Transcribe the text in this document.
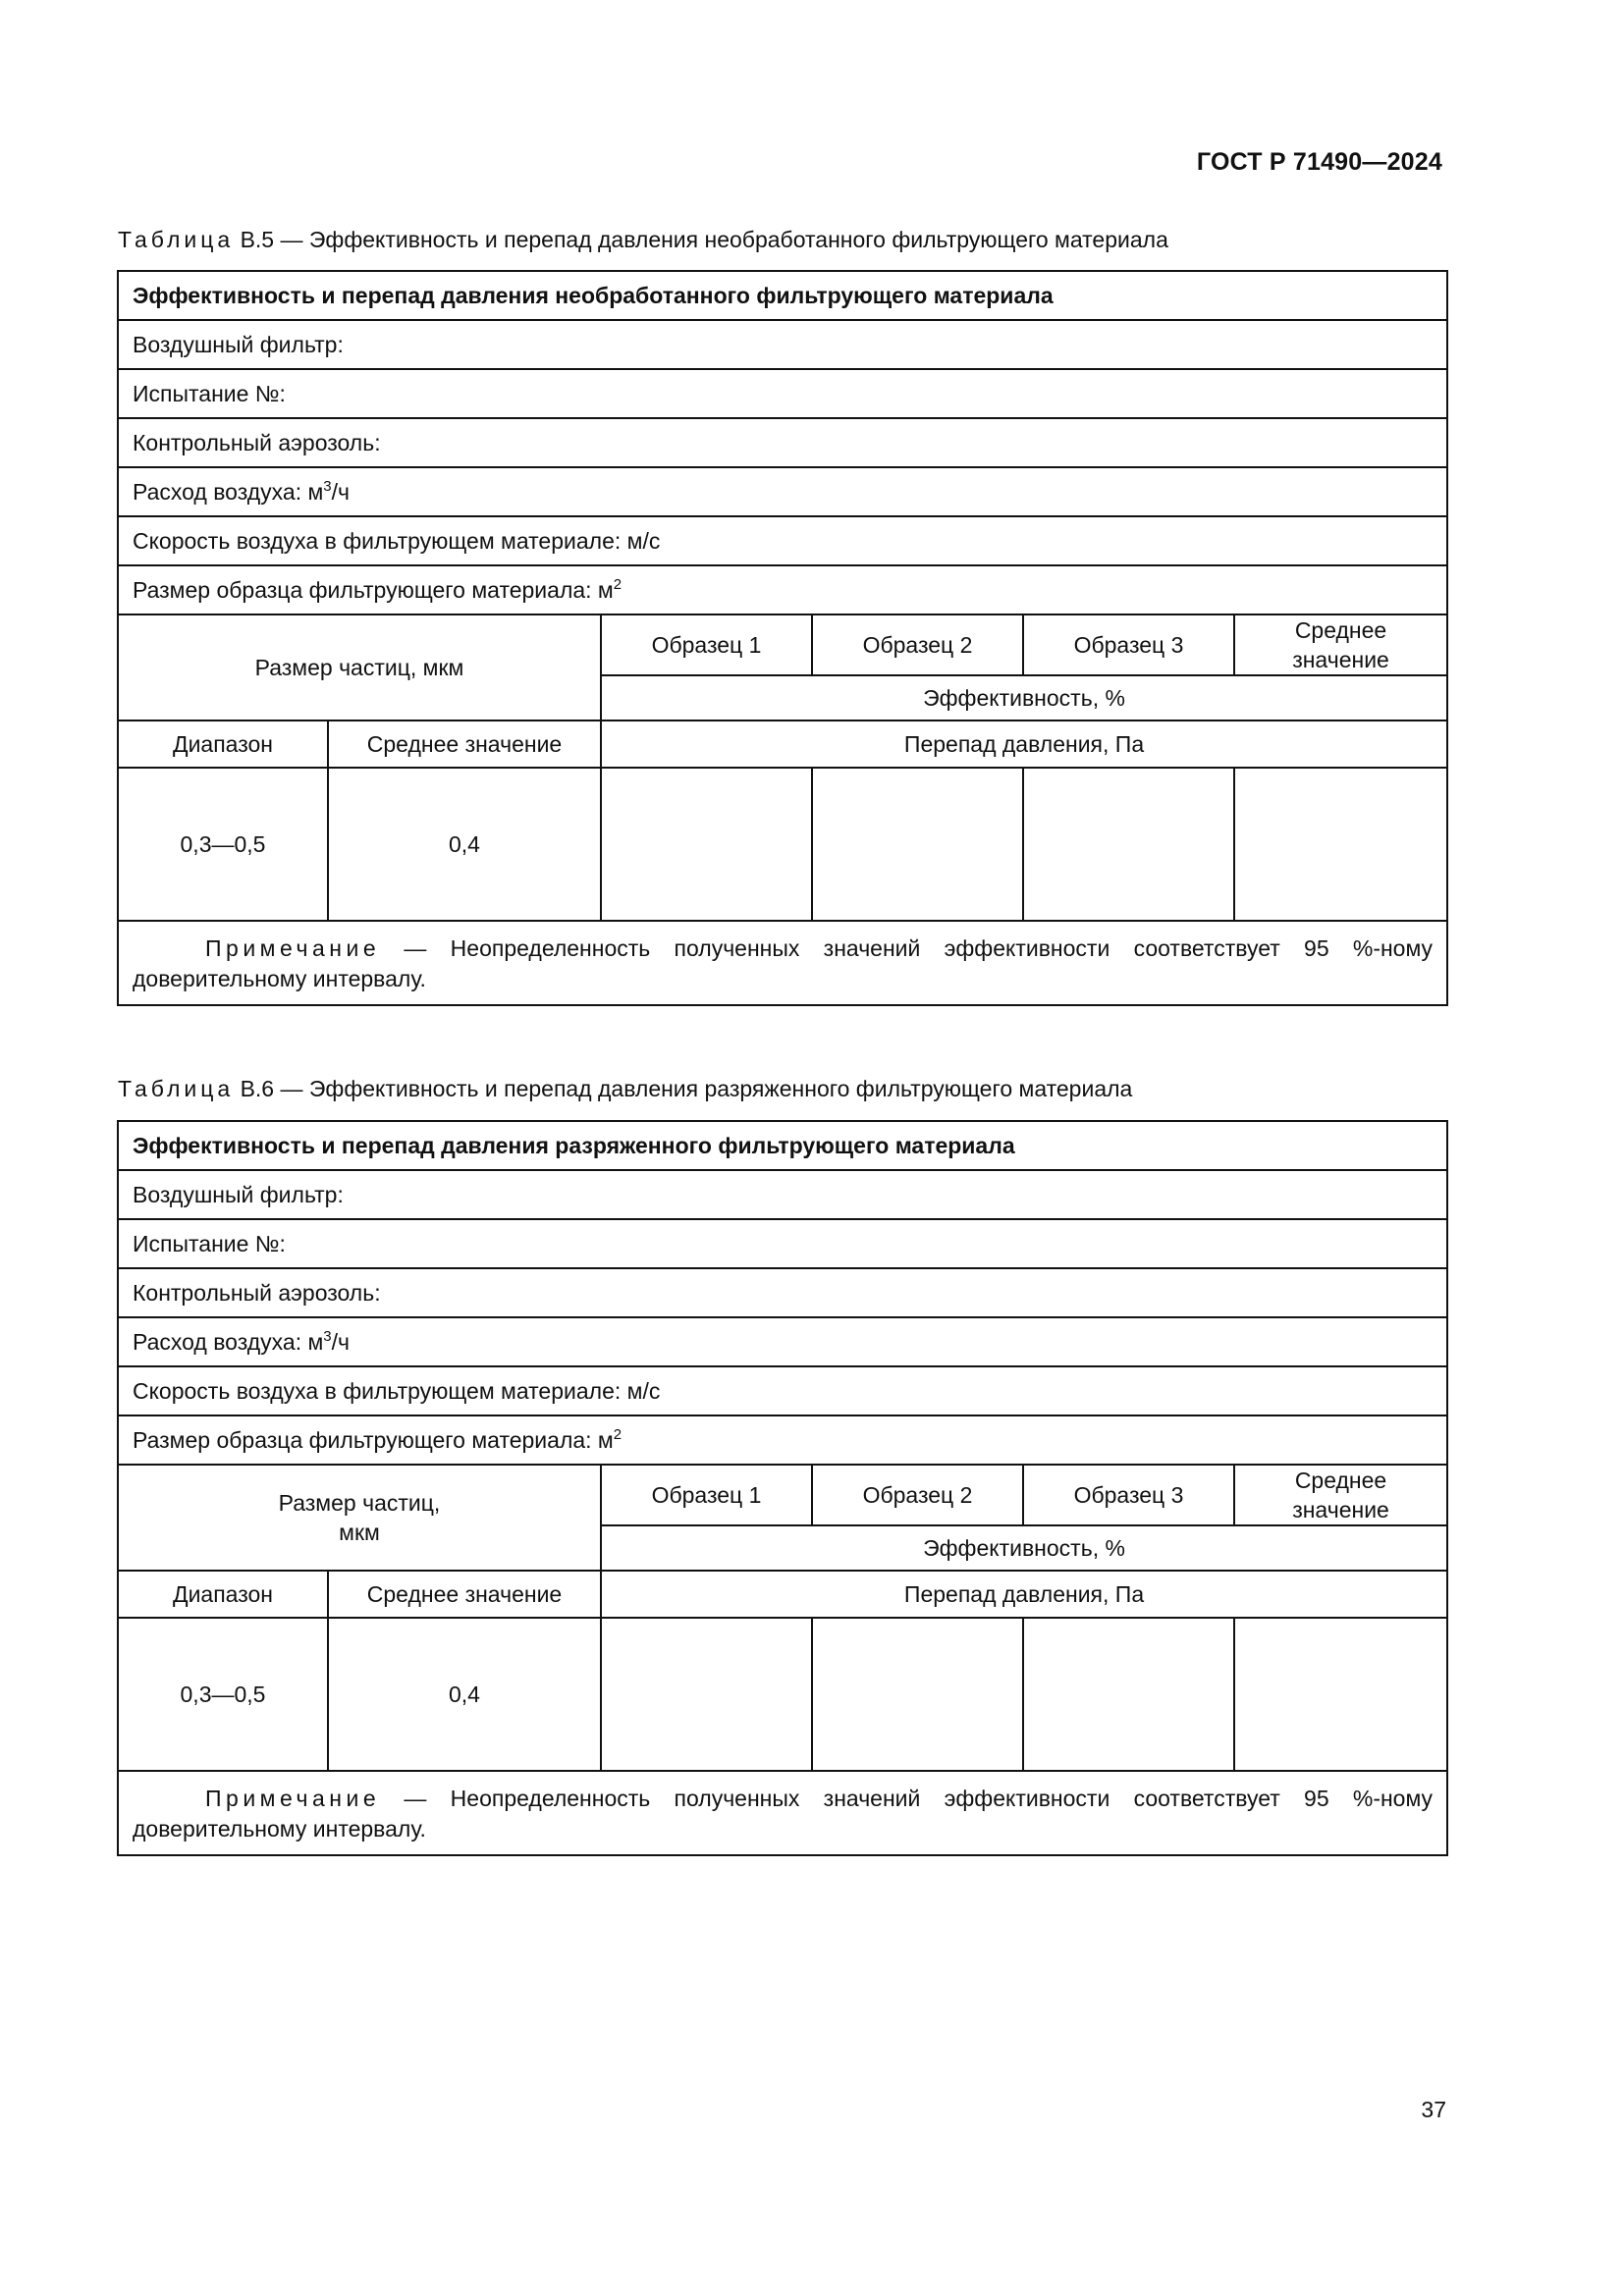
ГОСТ Р 71490—2024
Таблица В.5 — Эффективность и перепад давления необработанного фильтрующего материала
Эффективность и перепад давления необработанного фильтрующего материала					
Воздушный фильтр:					
Испытание №:					
Контрольный аэрозоль:					
Расход воздуха: $м^3/ч$					
Скорость воздуха в фильтрующем материале: м/с					
Размер образца фильтрующего материала: $м^2$
Размер частиц, мкм		Образец 1	Образец 2	Образец 3	Среднее
значение
		Эффективность, %			
Диапазон	Среднее значение	Перепад давления, Па			
0,3—0,5	0,4				
Примечание — Неопределенность полученных значений эффективности соответствует 95 %-ному доверительному интервалу.					
Таблица В.6 — Эффективность и перепад давления разряженного фильтрующего материала
Эффективность и перепад давления разряженного фильтрующего материала					
Воздушный фильтр:					
Испытание №:					
Контрольный аэрозоль:					
Расход воздуха: $м^3/ч$					
Скорость воздуха в фильтрующем материале: м/с					
Размер образца фильтрующего материала: $м^2$
Размер частиц,
мкм		Образец 1	Образец 2	Образец 3	Среднее
значение
		Эффективность, %			
Диапазон	Среднее значение	Перепад давления, Па			
0,3—0,5	0,4				
Примечание — Неопределенность полученных значений эффективности соответствует 95 %-ному доверительному интервалу.					
37
